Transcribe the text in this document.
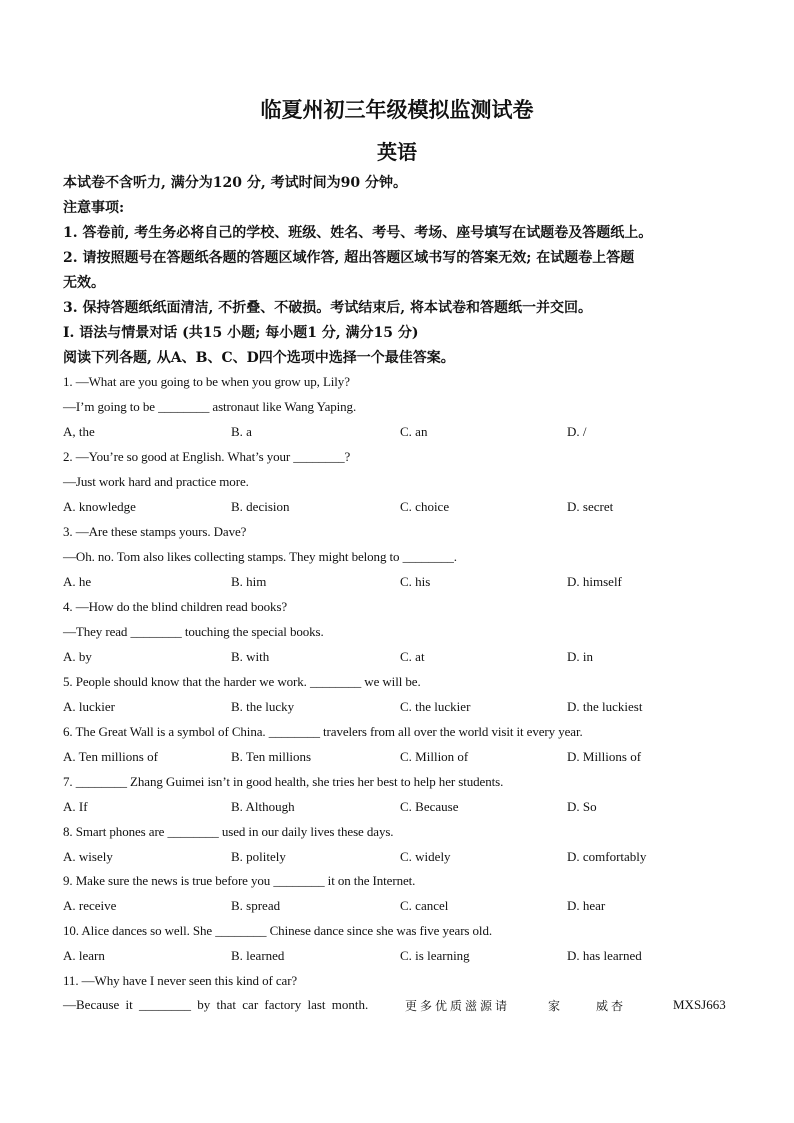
临夏州初三年级模拟监测试卷
英语
本试卷不含听力, 满分为120 分, 考试时间为90 分钟。
注意事项:
1. 答卷前, 考生务必将自己的学校、班级、姓名、考号、考场、座号填写在试题卷及答题纸上。
2. 请按照题号在答题纸各题的答题区域作答, 超出答题区域书写的答案无效; 在试题卷上答题
无效。
3. 保持答题纸纸面清洁, 不折叠、不破损。考试结束后, 将本试卷和答题纸一并交回。
I. 语法与情景对话 (共15 小题; 每小题1 分, 满分15 分)
阅读下列各题, 从A、B、C、D四个选项中选择一个最佳答案。
1. —What are you going to be when you grow up, Lily?
—I’m going to be ________ astronaut like Wang Yaping.
A, the	B. a	C. an	D. /
2. —You’re so good at English. What’s your ________?
—Just work hard and practice more.
A. knowledge	B. decision	C. choice	D. secret
3. —Are these stamps yours. Dave?
—Oh. no. Tom also likes collecting stamps. They might belong to ________.
A. he	B. him	C. his	D. himself
4. —How do the blind children read books?
—They read ________ touching the special books.
A. by	B. with	C. at	D. in
5. People should know that the harder we work. ________ we will be.
A. luckier	B. the lucky	C. the luckier	D. the luckiest
6. The Great Wall is a symbol of China. ________ travelers from all over the world visit it every year.
A. Ten millions of	B. Ten millions	C. Million of	D. Millions of
7. ________ Zhang Guimei isn’t in good health, she tries her best to help her students.
A. If	B. Although	C. Because	D. So
8. Smart phones are ________ used in our daily lives these days.
A. wisely	B. politely	C. widely	D. comfortably
9. Make sure the news is true before you ________ it on the Internet.
A. receive	B. spread	C. cancel	D. hear
10. Alice dances so well. She ________ Chinese dance since she was five years old.
A. learn	B. learned	C. is learning	D. has learned
11. —Why have I never seen this kind of car?
—Because it ________ by that car factory last month.	更多优质滋源请	家	威杏	MXSJ663
